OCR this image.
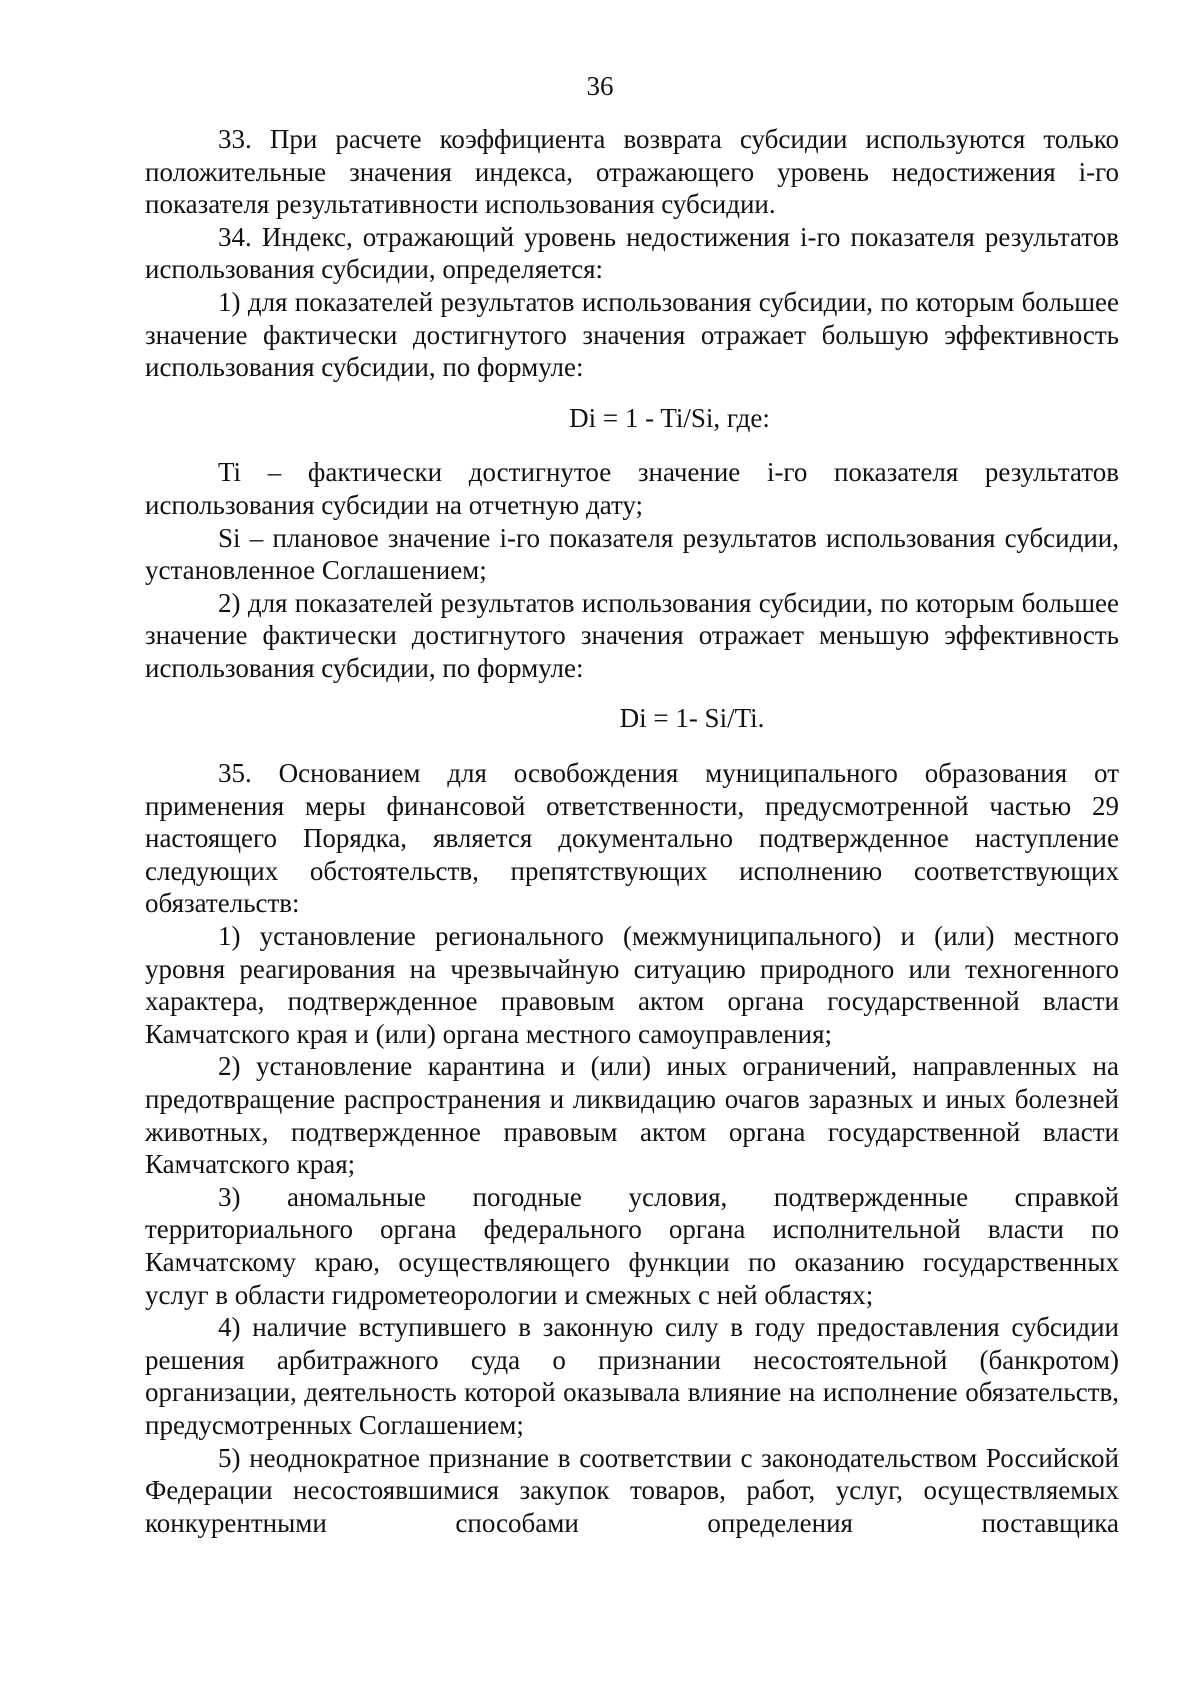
36

33. При расчете коэффициента возврата субсидии используются только положительные значения индекса, отражающего уровень недостижения i-го показателя результативности использования субсидии.

34. Индекс, отражающий уровень недостижения i-го показателя результатов использования субсидии, определяется:

1) для показателей результатов использования субсидии, по которым большее значение фактически достигнутого значения отражает большую эффективность использования субсидии, по формуле:

Di = 1 - Ti/Si, где:

Ti – фактически достигнутое значение i-го показателя результатов использования субсидии на отчетную дату;

Si – плановое значение i-го показателя результатов использования субсидии, установленное Соглашением;

2) для показателей результатов использования субсидии, по которым большее значение фактически достигнутого значения отражает меньшую эффективность использования субсидии, по формуле:

Di = 1- Si/Ti.

35. Основанием для освобождения муниципального образования от применения меры финансовой ответственности, предусмотренной частью 29 настоящего Порядка, является документально подтвержденное наступление следующих обстоятельств, препятствующих исполнению соответствующих обязательств:

1) установление регионального (межмуниципального) и (или) местного уровня реагирования на чрезвычайную ситуацию природного или техногенного характера, подтвержденное правовым актом органа государственной власти Камчатского края и (или) органа местного самоуправления;

2) установление карантина и (или) иных ограничений, направленных на предотвращение распространения и ликвидацию очагов заразных и иных болезней животных, подтвержденное правовым актом органа государственной власти Камчатского края;

3) аномальные погодные условия, подтвержденные справкой территориального органа федерального органа исполнительной власти по Камчатскому краю, осуществляющего функции по оказанию государственных услуг в области гидрометеорологии и смежных с ней областях;

4) наличие вступившего в законную силу в году предоставления субсидии решения арбитражного суда о признании несостоятельной (банкротом) организации, деятельность которой оказывала влияние на исполнение обязательств, предусмотренных Соглашением;

5) неоднократное признание в соответствии с законодательством Российской Федерации несостоявшимися закупок товаров, работ, услуг, осуществляемых конкурентными способами определения поставщика
